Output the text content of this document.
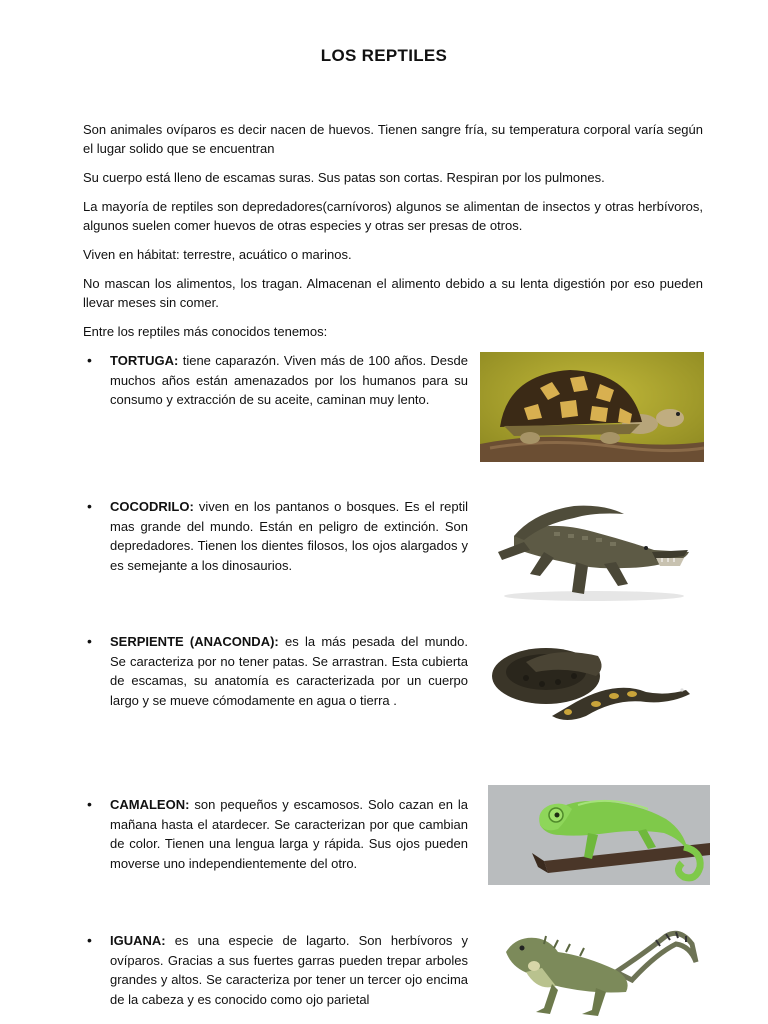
LOS REPTILES

Son animales ovíparos es decir nacen de huevos. Tienen sangre fría, su temperatura corporal varía según el lugar solido que se encuentran

Su cuerpo está lleno de escamas suras. Sus patas son cortas. Respiran por los pulmones.

La mayoría de reptiles son depredadores(carnívoros) algunos se alimentan de insectos y otras herbívoros, algunos suelen comer huevos de otras especies y otras ser presas de otros.

Viven en hábitat: terrestre, acuático o marinos.

No mascan los alimentos, los tragan. Almacenan el alimento debido a su lenta digestión por eso pueden llevar meses sin comer.

Entre los reptiles más conocidos tenemos:

• TORTUGA: tiene caparazón. Viven más de 100 años. Desde muchos años están amenazados por los humanos para su consumo y extracción de su aceite, caminan muy lento.
• COCODRILO: viven en los pantanos o bosques. Es el reptil mas grande del mundo. Están en peligro de extinción. Son depredadores. Tienen los dientes filosos, los ojos alargados y es semejante a los dinosaurios.
• SERPIENTE (ANACONDA): es la más pesada del mundo. Se caracteriza por no tener patas. Se arrastran. Esta cubierta de escamas, su anatomía es caracterizada por un cuerpo largo y se mueve cómodamente en agua o tierra .
• CAMALEON: son pequeños y escamosos. Solo cazan en la mañana hasta el atardecer. Se caracterizan por que cambian de color. Tienen una lengua larga y rápida. Sus ojos pueden moverse uno independientemente del otro.
• IGUANA: es una especie de lagarto. Son herbívoros y ovíparos. Gracias a sus fuertes garras pueden trepar arboles grandes y altos. Se caracteriza por tener un tercer ojo encima de la cabeza y es conocido como ojo parietal
